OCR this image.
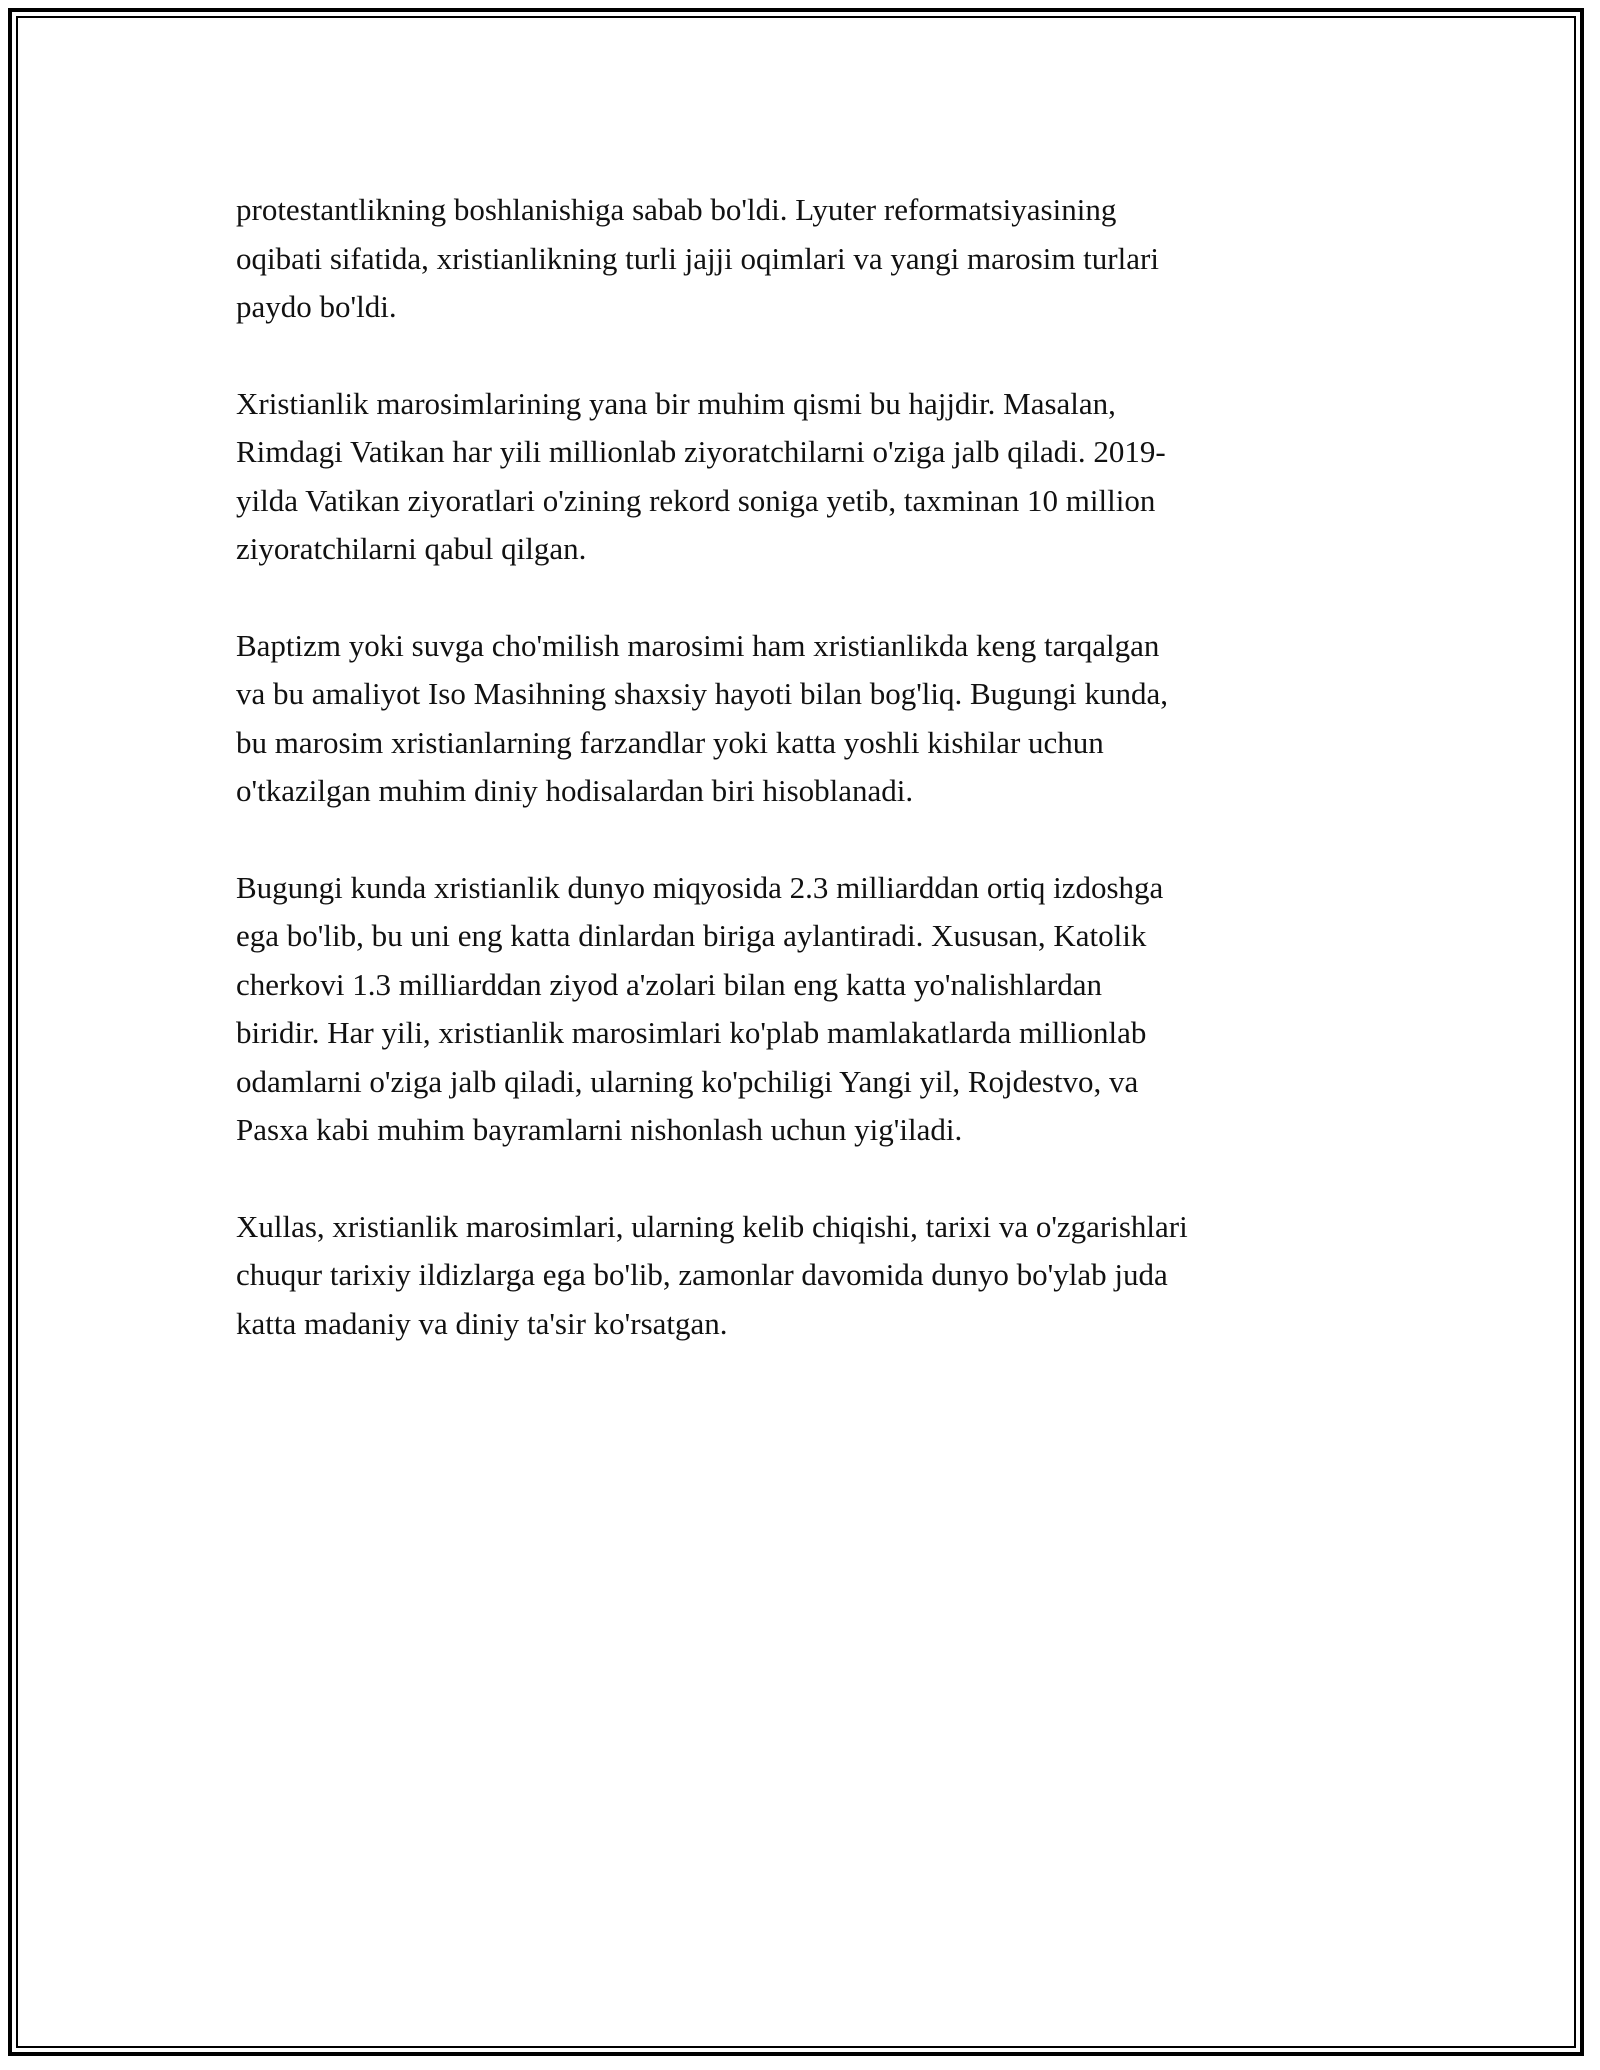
protestantlikning boshlanishiga sabab bo'ldi. Lyuter reformatsiyasining
oqibati sifatida, xristianlikning turli jajji oqimlari va yangi marosim turlari
paydo bo'ldi.

Xristianlik marosimlarining yana bir muhim qismi bu hajjdir. Masalan,
Rimdagi Vatikan har yili millionlab ziyoratchilarni o'ziga jalb qiladi. 2019-
yilda Vatikan ziyoratlari o'zining rekord soniga yetib, taxminan 10 million
ziyoratchilarni qabul qilgan.

Baptizm yoki suvga cho'milish marosimi ham xristianlikda keng tarqalgan
va bu amaliyot Iso Masihning shaxsiy hayoti bilan bog'liq. Bugungi kunda,
bu marosim xristianlarning farzandlar yoki katta yoshli kishilar uchun
o'tkazilgan muhim diniy hodisalardan biri hisoblanadi.

Bugungi kunda xristianlik dunyo miqyosida 2.3 milliarddan ortiq izdoshga
ega bo'lib, bu uni eng katta dinlardan biriga aylantiradi. Xususan, Katolik
cherkovi 1.3 milliarddan ziyod a'zolari bilan eng katta yo'nalishlardan
biridir. Har yili, xristianlik marosimlari ko'plab mamlakatlarda millionlab
odamlarni o'ziga jalb qiladi, ularning ko'pchiligi Yangi yil, Rojdestvo, va
Pasxa kabi muhim bayramlarni nishonlash uchun yig'iladi.

Xullas, xristianlik marosimlari, ularning kelib chiqishi, tarixi va o'zgarishlari
chuqur tarixiy ildizlarga ega bo'lib, zamonlar davomida dunyo bo'ylab juda
katta madaniy va diniy ta'sir ko'rsatgan.
